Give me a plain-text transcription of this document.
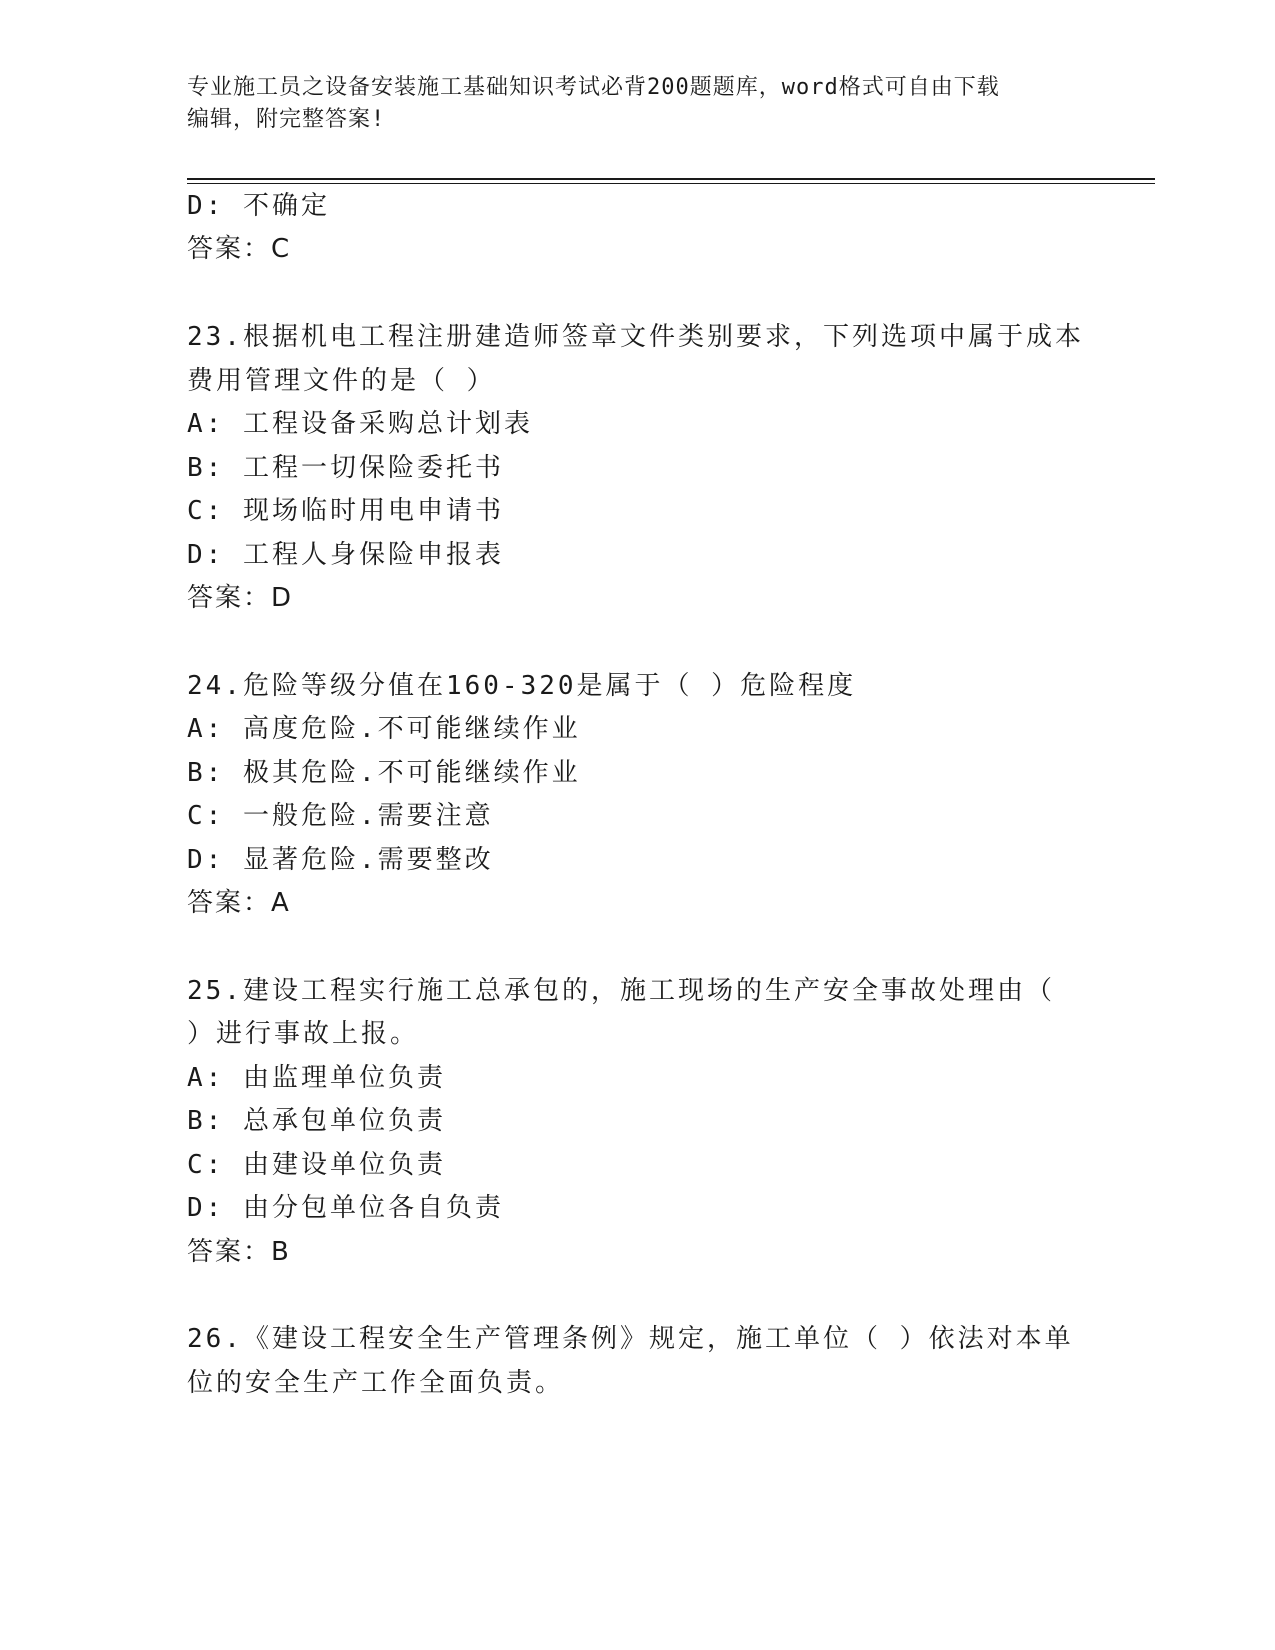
专业施工员之设备安装施工基础知识考试必背200题题库，word格式可自由下载
编辑，附完整答案!
D: 不确定
答案：C
23.根据机电工程注册建造师签章文件类别要求，下列选项中属于成本
费用管理文件的是（ ）
A: 工程设备采购总计划表
B: 工程一切保险委托书
C: 现场临时用电申请书
D: 工程人身保险申报表
答案：D
24.危险等级分值在160-320是属于（ ）危险程度
A: 高度危险.不可能继续作业
B: 极其危险.不可能继续作业
C: 一般危险.需要注意
D: 显著危险.需要整改
答案：A
25.建设工程实行施工总承包的，施工现场的生产安全事故处理由（
）进行事故上报。
A: 由监理单位负责
B: 总承包单位负责
C: 由建设单位负责
D: 由分包单位各自负责
答案：B
26.《建设工程安全生产管理条例》规定，施工单位（ ）依法对本单
位的安全生产工作全面负责。
